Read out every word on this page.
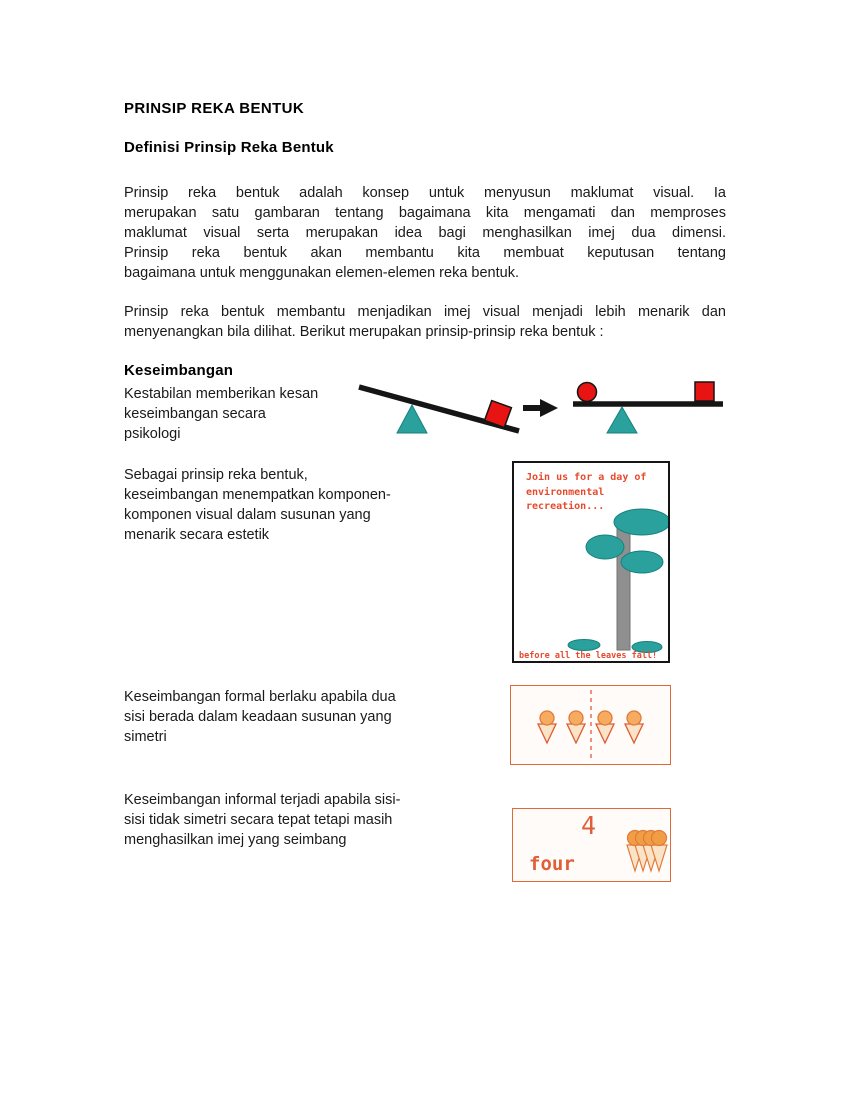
PRINSIP REKA BENTUK
Definisi Prinsip Reka Bentuk
Prinsip reka bentuk adalah konsep untuk menyusun maklumat visual. Ia
merupakan satu gambaran tentang bagaimana kita mengamati dan memproses
maklumat visual serta merupakan idea bagi menghasilkan imej dua dimensi.
Prinsip reka bentuk akan membantu kita membuat keputusan tentang
bagaimana untuk menggunakan elemen-elemen reka bentuk.
Prinsip reka bentuk membantu menjadikan imej visual menjadi lebih menarik dan
menyenangkan bila dilihat. Berikut merupakan prinsip-prinsip reka bentuk :
Keseimbangan
Kestabilan memberikan kesan
keseimbangan secara
psikologi
Sebagai prinsip reka bentuk,
keseimbangan menempatkan komponen-
komponen visual dalam susunan yang
menarik secara estetik
Join us for a day of
environmental
recreation...
before all the leaves fall!
Keseimbangan formal berlaku apabila dua
sisi berada dalam keadaan susunan yang
simetri
Keseimbangan informal terjadi apabila sisi-
sisi tidak simetri secara tepat tetapi masih
menghasilkan imej yang seimbang	4
four
